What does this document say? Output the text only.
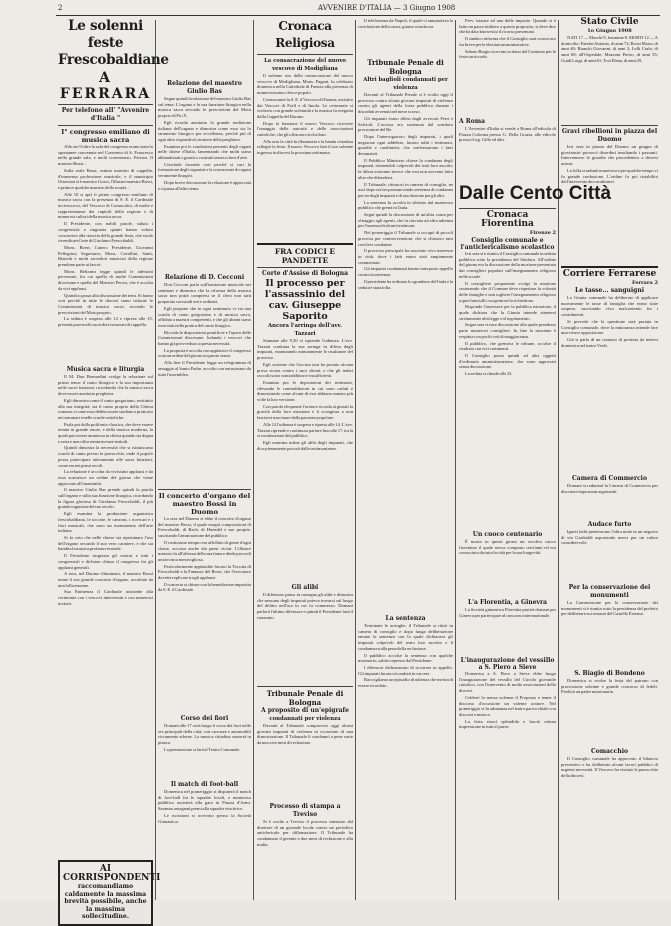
2	AVVENIRE D'ITALIA — 3 Giugno 1908
Le solenni feste Frescobaldiane
A FERRARA
Per telefono all' "Avvenire d'Italia "
I° congresso emiliano di musica sacra

Alle ore 9 oltre la sala del congresso erano state lo spontanee convenute nel Convento di S. Francesco nella grande sala, e molti convennero. Ferrara. Il maestro Bossi...

Sulla reale Bassi, esimio maestro di cappella, d'immensa professione musicale, e il municipio Ottaviani si è maestro Gozzi, l'illustre maestro Bossi, e primo e qualche maestro della scuola...

Alle 10 si aprì il primo congresso emiliano di musica sacra con la presenza di S. E. il Cardinale arcivescovo, del Vescovo di Comacchio, di molte e rappresentanze dei capitoli della regione e di numerosi cultori della musica sacra.

Il Presidente, con nobili parole, saluta i congressisti e ringrazia quanti hanno voluto concorrere alla riuscita della grande festa, che vuole rivendicare l'arte di Girolamo Frescobaldi.

Mons. Boeri, Cuneo; Presidente, Giovanni Pellegrini; Segretario; Mons. Cavallini, Santi, Bianchi e molti sacerdoti musicisti della regione prendono parte ai lavori.

Mons. Beltrami legge quindi le adesioni pervenute, fra cui quella di molte Commissioni diocesane e quella del Maestro Perosi, che è accolta da vivi applausi.

Quindi si passa alla discussione dei temi. Si fanno voti perchè in tutte le diocesi siano istituite le Commissioni di musica sacra, secondo le prescrizioni del Motu proprio.

La seduta è sospesa alle 12 e ripresa alle 15, presenti pure molti sacerdoti e maestri di cappella.

Musica sacra e liturgia

Il M. Don Bernardini svolge la relazione sul primo tema: il canto liturgico e la sua importanza nelle sacre funzioni, ricordando che la musica sacra deve essere anzitutto preghiera.

Egli dimostra come il canto gregoriano, restituito alla sua integrità, sia il canto proprio della Chiesa romana, e come esso debba essere studiato e praticato nei seminari e nelle scuole cattoliche.

Parla poi della polifonia classica, che deve essere tenuta in grande onore, e della musica moderna, la quale può essere ammessa in chiesa quando sia degna e seria e non offra reminiscenze teatrali.

Quindi dimostra la necessità che si istituiscano scuole di canto presso le parrocchie, onde il popolo possa partecipare attivamente alle sacre funzioni, come era nei primi secoli.

La relazione è accolta da vivissimi applausi e da essa scaturisce un ordine del giorno che viene approvato all'unanimità.

Il maestro Giulio Bas prende quindi la parola sull'organo e sulla sua funzione liturgica, ricordando la figura gloriosa di Girolamo Frescobaldi, il più grande organista del suo secolo.

Egli esamina la produzione organistica frescobaldiana, le toccate, le canzoni, i ricercari e i fiori musicali, che sono un monumento dell'arte italiana.

Si fa voto che nelle chiese sia ripristinato l'uso dell'organo secondo il suo vero carattere, e che sia bandita la musica profana e teatrale.

Il Presidente ringrazia gli oratori e tutti i congressisti e dichiara chiuso il congresso fra gli applausi generali.

A sera, nel Duomo illuminato, il maestro Bossi tenne il suo grande concerto d'organo, ascoltato da una folla enorme.

Sua Eminenza il Cardinale assistette alla cerimonia con i vescovi intervenuti e con numerosi invitati.

AI CORRISPONDENTI
raccomandiamo caldamente la massima brevità possibile, anche la massima sollecitudine.
Relazione del maestro Giulio Bas

Segue quindi la relazione del maestro Giulio Bas sul tema: L'organo e la sua funzione liturgica nella musica sacra secondo le prescrizioni del Motu proprio di Pio X.

Egli ricorda anzitutto la grande tradizione italiana dell'organo e dimostra come esso sia lo strumento liturgico per eccellenza, perchè più di ogni altro risponde al carattere della preghiera.

Esamina poi le condizioni presenti degli organi nelle chiese d'Italia, lamentando che molti siano abbandonati o guasti o costruiti senza criteri d'arte.

Conclude facendo voti perchè si curi la formazione degli organisti e la costruzione di organi veramente liturgici.

Dopo breve discussione la relazione è approvata e si passa all'altro tema.

Relazione di D. Cecconi

Don Cecconi parla sull'istruzione musicale nei seminari e dimostra che la riforma della musica sacra non potrà compiersi se il clero non sarà preparato con studi seri e ordinati.

Egli propone che in ogni seminario vi sia una scuola di canto gregoriano e di musica sacra, affidata a maestri competenti, e che gli alunni siano esercitati nella pratica del canto liturgico.

Ricorda le disposizioni pontificie e l'opera delle Commissioni diocesane, lodando i vescovi che hanno già provveduto a questa necessità.

La proposta è accolta con applausi e il congresso vota un ordine del giorno in questo senso.

Alla fine il Presidente legge un telegramma di omaggio al Santo Padre, accolto con entusiasmo da tutta l'assemblea.

Il concerto d'organo del maestro Bossi in Duomo

La sera nel Duomo si ebbe il concerto d'organo del maestro Bossi, il quale eseguì composizioni di Frescobaldi, di Bach, di Haendel e sue proprie, suscitando l'ammirazione del pubblico.

Il vastissimo tempio era affollato di gente d'ogni classe, accorsa anche dai paesi vicini. L'illustre maestro fu all'altezza della sua fama e diede prova di una tecnica meravigliosa.

Particolarmente applaudite furono la Toccata di Frescobaldi e la Fantasia del Bossi, che l'esecutore dovette replicare tra gli applausi.

Il concerto si chiuse con la benedizione impartita da S. E. il Cardinale.

Corso dei fiori

Domani alle 17 avrà luogo il corso dei fiori nelle vie principali della città, con carrozze e automobili riccamente adorne. La musica cittadina suonerà in piazza.

La premiazione si farà al Teatro Comunale.

Il match di foot-ball

Domenica nel pomeriggio si disputerà il match di foot-ball fra le squadre locali, e numeroso pubblico assisterà alla gara in Piazza d'Armi. Saranno assegnati premi alla squadra vincitrice.

Le iscrizioni si ricevono presso la Società Ginnastica.

Cronaca Religiosa
La consacrazione del nuovo vescovo di Modigliana

Il solenne rito della consacrazione del nuovo vescovo di Modigliana, Mons. Pagani, fu celebrato domenica nella Cattedrale di Faenza alla presenza di numerosissimo clero e popolo.

Consacrante fu S. E. il Vescovo di Faenza, assistito dai Vescovi di Forlì e di Imola. Le cerimonie si svolsero con grande solennità e la musica fu eseguita dalla Cappella del Duomo.

Dopo la funzione il nuovo Vescovo ricevette l'omaggio delle autorità e delle associazioni cattoliche, che gli offrirono ricchi doni.

Alla sera la città fu illuminata e la banda cittadina rallegrò la festa. Il nuovo Vescovo farà il suo solenne ingresso in diocesi la prossima settimana.

FRA CODICI E PANDETTE
Corte d'Assise di Bologna
Il processo per l'assassinio del cav. Giuseppe Saporito
Ancora l'arringa dell'avv. Tazzari

Stamane alle 9,30 si riprende l'udienza. L'avv. Tazzari continua la sua arringa in difesa degli imputati, esaminando minutamente le risultanze del processo.

Egli sostiene che l'accusa non ha portato alcuna prova sicura contro i suoi clienti, e che gli indizi raccolti sono contraddittori e insufficienti.

Esamina poi le deposizioni dei testimoni, rilevando le contraddizioni in cui sono caduti e dimostrando come alcuni di essi abbiano mutato più volte la loro versione.

Con parola eloquente l'oratore ricorda ai giurati la gravità della loro missione e li scongiura a non lasciarsi trascinare dalla passione popolare.

Alle 12 l'udienza è sospesa e ripresa alle 14. L'avv. Tazzari riprende e continua a parlare fino alle 17, tra la viva attenzione del pubblico.

Egli esamina infine gli alibi degli imputati, che dice pienamente provati dalle testimonianze.

Gli alibi

Il difensore passa in rassegna gli alibi e dimostra che nessuno degli imputati poteva trovarsi sul luogo del delitto nell'ora in cui fu commesso. Domani parlerà l'ultimo difensore e quindi il Presidente farà il riassunto.

Tribunale Penale di Bologna
A proposito di un'epigrafe
condannati per violenza

Davanti al Tribunale comparvero oggi alcuni giovani imputati di violenza in occasione di una dimostrazione. Il Tribunale li condannò a pene varie da uno a tre mesi di reclusione.

Processo di stampa a Treviso

Si è svolto a Treviso il processo intentato dal direttore di un giornale locale contro un periodico anticlericale per diffamazione. Il Tribunale ha condannato il gerente a due mesi di reclusione e alla multa.

Il telefonema da Napoli, il quale ci annunziava la conclusione della causa, giunse a tarda ora.

Tribunale Penale di Bologna
Altri baglioli condannati per violenza

Davanti al Tribunale Penale si è svolto oggi il processo contro alcuni giovani imputati di violenze contro gli agenti della forza pubblica durante i disordini avvenuti nel mese scorso.

Gli imputati erano difesi dagli avvocati Ferri e Salvioli. L'accusa era sostenuta dal sostituto procuratore del Re.

Dopo l'interrogatorio degli imputati, i quali negarono ogni addebito, furono uditi i testimoni, guardie e carabinieri, che confermarono i fatti denunziati.

Il Pubblico Ministero chiese la condanna degli imputati, ritenendoli colpevoli dei reati loro ascritti; la difesa sostenne invece che essi non avevano fatto altro che difendersi.

Il Tribunale, ritiratosi in camera di consiglio, ne uscì dopo un'ora pronunciando sentenza di condanna per tre degli imputati e di assoluzione per gli altri.

La sentenza fu accolta in silenzio dal numeroso pubblico che gremiva l'aula.

Seguì quindi la discussione di un'altra causa per oltraggio agli agenti, che fu rinviata ad altra udienza per l'assenza di alcuni testimoni.

Nel pomeriggio il Tribunale si occupò di piccoli processi per contravvenzioni, che si chiusero tutti con lievi condanne.

Il processo principale ha suscitato vivo interesse in città, dove i fatti erano stati ampiamente commentati.

Gli imputati condannati hanno interposto appello contro la sentenza.

Il presidente ha ordinato lo sgombero dell'aula e la seduta è stata tolta.

La sentenza

Terminate le arringhe, il Tribunale si ritirò in camera di consiglio e dopo lunga deliberazione emanò la sentenza con la quale dichiarava gli imputati colpevoli del reato loro ascritto e li condannava alla pena della reclusione.

Il pubblico accolse la sentenza con qualche mormorio, subito represso dal Presidente.

I difensori dichiararono di ricorrere in appello. Gli imputati furono ricondotti in carcere.

Raccogliamo un episodio di udienza che merita di essere ricordato.

Prev. istanze ad una delle imposte. Quando si è fatto un passo indietro a questo proposito, si deve dire che ha dato buon esito il ricorso presentato.

Il sindaco informa che il Consiglio sarà convocato fra breve per le elezioni amministrative.

Sabato Biagio ricevuto in dono dal Comitato per le feste un ricordo.

A Roma

L'Avvenire d'Italia si vende a Roma all'edicola di Piazza Colonna presso G. Della Grazia, alle edicole presso il sig. Gillo ed altri.

Dalle Cento Città
Cronaca Fiorentina
Firenze 2
Consiglio comunale e l'anticlericalismo scolastico

Ieri sera si è riunito il Consiglio comunale in seduta pubblica sotto la presidenza del Sindaco. All'ordine del giorno era la discussione della mozione presentata dai consiglieri popolari sull'insegnamento religioso nelle scuole.

Il consigliere proponente svolge la mozione sostenendo che il Comune deve rispettare la volontà delle famiglie e non togliere l'insegnamento religioso a quei fanciulli i cui genitori lo richiedono.

Risponde l'assessore per la pubblica istruzione, il quale dichiara che la Giunta intende attenersi strettamente alla legge e al regolamento.

Segue una vivace discussione alla quale prendono parte numerosi consiglieri. In fine la mozione è respinta con pochi voti di maggioranza.

Il pubblico, che gremiva le tribune, accolse il risultato con vivi commenti.

Il Consiglio passa quindi ad altri oggetti d'ordinaria amministrazione, che sono approvati senza discussione.

La seduta si chiude alle 23.

Un cuoco centenario

È morto in questi giorni un vecchio cuoco fiorentino il quale aveva compiuto cent'anni ed era conosciuto da tutta la città per la sua longevità.

L'a Florentia, a Ginevra

La Società ginnastica Florentia partirà domani per Ginevra per partecipare al concorso internazionale.

L'inaugurazione del vessillo a S. Piero a Sieve

Domenica a S. Piero a Sieve ebbe luogo l'inaugurazione del vessillo del Circolo giovanile cattolico, con l'intervento di molte associazioni della diocesi.

Celebrò la messa solenne il Proposto e tenne il discorso d'occasione un valente oratore. Nel pomeriggio vi fu adunanza nel teatro parrocchiale con discorsi e musica.

La festa riuscì splendida e lasciò ottima impressione in tutto il paese.

Stato Civile
1o Giugno 1908

NATI 17 — Maschi 9, femmine 8. MORTI 12 — A domicilio: Fantini Antonio, di anni 72; Rossi Maria, di anni 40; Bianchi Giovanni, di anni 3; Lelli Carlo, di anni 68; all'Ospedale: Mazzoni Pietro, di anni 55; Guidi Luigi, di anni 61; Tosi Elena, di anni 29.

Gravi ribellioni in piazza del Duomo

Ieri sera in piazza del Duomo un gruppo di giovinastri provocò disordini insultando i passanti. Intervennero le guardie che procedettero a diversi arresti.

La folla si radunò numerosa e per qualche tempo vi fu grande confusione. L'ordine fu poi ristabilito dall'intervento dei carabinieri.

Corriere Ferrarese
Ferrara 2
Le tasse... sanguigni

La Giunta comunale ha deliberato di applicare nuovamente le tasse di famiglia che erano state sospese, suscitando vivo malcontento fra i contribuenti.

Si prevede che la questione sarà portata in Consiglio comunale, dove la minoranza intende fare una vivace opposizione.

Già si parla di un comizio di protesta da tenersi domenica nel teatro Verdi.

Camera di Commercio

Domani si radunerà la Camera di Commercio per discutere importanti argomenti.

Audace furto

Ignoti ladri penetrarono l'altra notte in un negozio di via Garibaldi asportando merci per un valore considerevole.

Per la conservazione dei monumenti

La Commissione per la conservazione dei monumenti si è riunita sotto la presidenza del prefetto per deliberare sui restauri del Castello Estense.

S. Biagio di Bondeno

Domenica si svolse la festa del patrono con processione solenne e grande concorso di fedeli. Predicò un padre missionario.

Comacchio

Il Consiglio comunale ha approvato il bilancio preventivo e ha deliberato alcuni lavori pubblici di urgente necessità. Il Vescovo ha visitato le parrocchie della diocesi.
